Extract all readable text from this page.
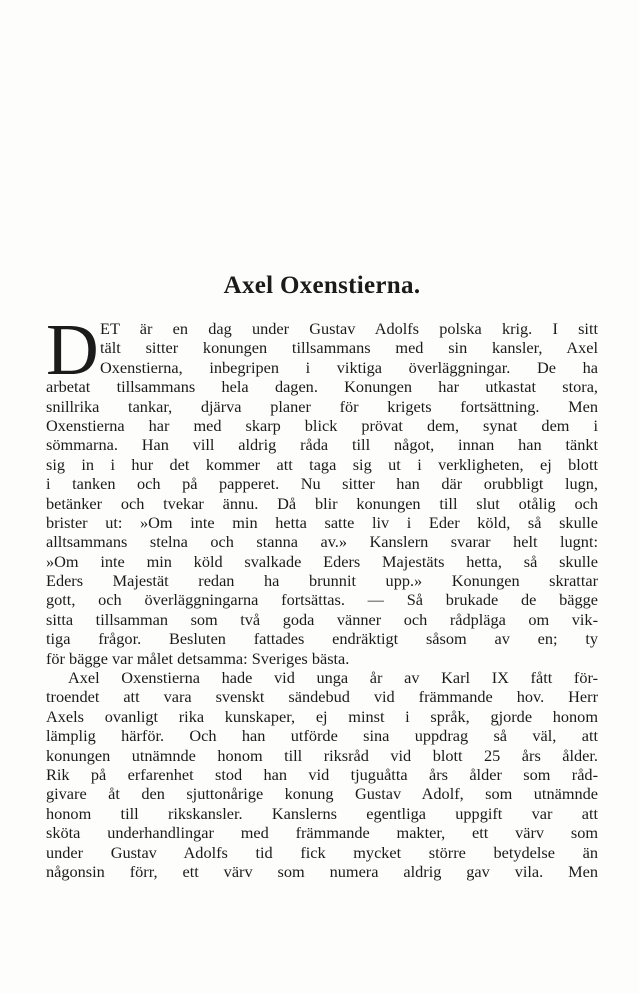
Axel Oxenstierna.
D ET är en dag under Gustav Adolfs polska krig. I sitt
tält sitter konungen tillsammans med sin kansler, Axel
Oxenstierna, inbegripen i viktiga överläggningar. De ha
arbetat tillsammans hela dagen. Konungen har utkastat stora,
snillrika tankar, djärva planer för krigets fortsättning. Men
Oxenstierna har med skarp blick prövat dem, synat dem i
sömmarna. Han vill aldrig råda till något, innan han tänkt
sig in i hur det kommer att taga sig ut i verkligheten, ej blott
i tanken och på papperet. Nu sitter han där orubbligt lugn,
betänker och tvekar ännu. Då blir konungen till slut otålig och
brister ut: »Om inte min hetta satte liv i Eder köld, så skulle
alltsammans stelna och stanna av.» Kanslern svarar helt lugnt:
»Om inte min köld svalkade Eders Majestäts hetta, så skulle
Eders Majestät redan ha brunnit upp.» Konungen skrattar
gott, och överläggningarna fortsättas. — Så brukade de bägge
sitta tillsamman som två goda vänner och rådpläga om vik-
tiga frågor. Besluten fattades endräktigt såsom av en; ty
för bägge var målet detsamma: Sveriges bästa.
Axel Oxenstierna hade vid unga år av Karl IX fått för-
troendet att vara svenskt sändebud vid främmande hov. Herr
Axels ovanligt rika kunskaper, ej minst i språk, gjorde honom
lämplig härför. Och han utförde sina uppdrag så väl, att
konungen utnämnde honom till riksråd vid blott 25 års ålder.
Rik på erfarenhet stod han vid tjuguåtta års ålder som råd-
givare åt den sjuttonårige konung Gustav Adolf, som utnämnde
honom till rikskansler. Kanslerns egentliga uppgift var att
sköta underhandlingar med främmande makter, ett värv som
under Gustav Adolfs tid fick mycket större betydelse än
någonsin förr, ett värv som numera aldrig gav vila. Men
